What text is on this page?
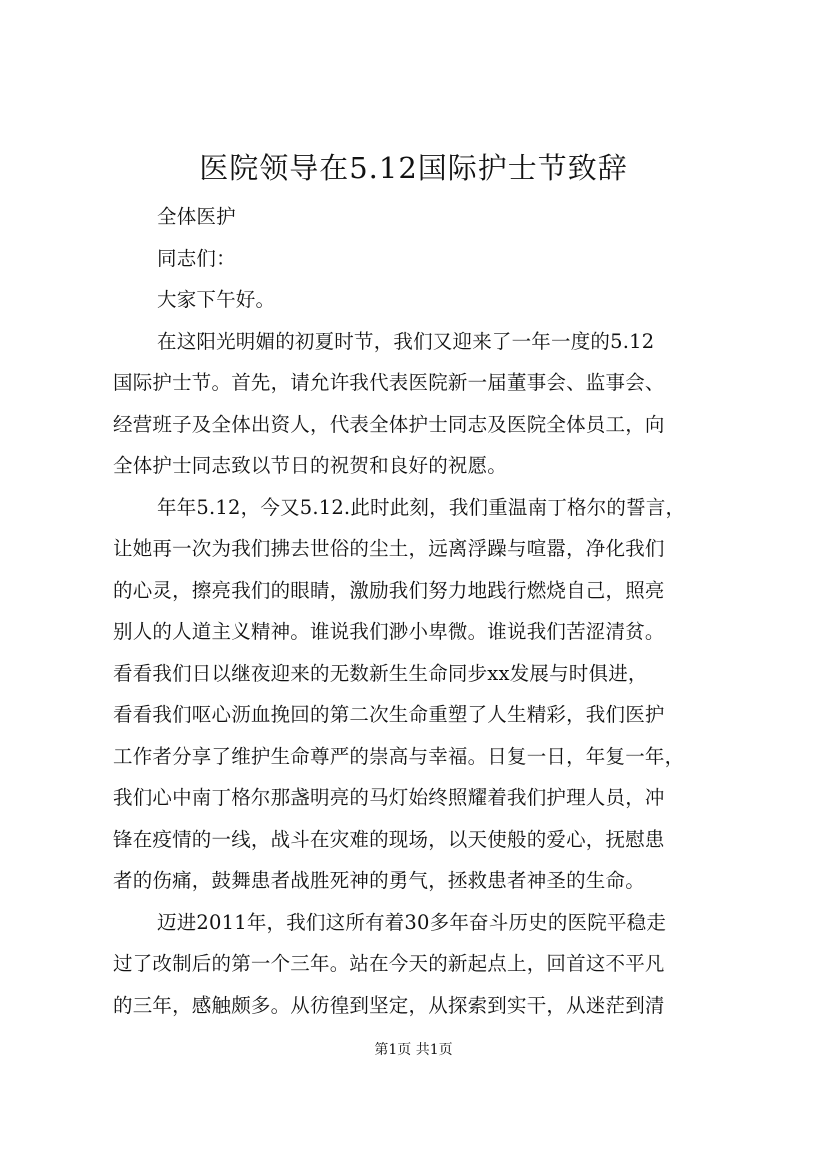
医院领导在5.12国际护士节致辞
全体医护
同志们：
大家下午好。
在这阳光明媚的初夏时节，我们又迎来了一年一度的5.12
国际护士节。首先，请允许我代表医院新一届董事会、监事会、
经营班子及全体出资人，代表全体护士同志及医院全体员工，向
全体护士同志致以节日的祝贺和良好的祝愿。
年年5.12，今又5.12.此时此刻，我们重温南丁格尔的誓言，
让她再一次为我们拂去世俗的尘土，远离浮躁与喧嚣，净化我们
的心灵，擦亮我们的眼睛，激励我们努力地践行燃烧自己，照亮
别人的人道主义精神。谁说我们渺小卑微。谁说我们苦涩清贫。
看看我们日以继夜迎来的无数新生生命同步xx发展与时俱进，
看看我们呕心沥血挽回的第二次生命重塑了人生精彩，我们医护
工作者分享了维护生命尊严的崇高与幸福。日复一日，年复一年，
我们心中南丁格尔那盏明亮的马灯始终照耀着我们护理人员，冲
锋在疫情的一线，战斗在灾难的现场，以天使般的爱心，抚慰患
者的伤痛，鼓舞患者战胜死神的勇气，拯救患者神圣的生命。
迈进2011年，我们这所有着30多年奋斗历史的医院平稳走
过了改制后的第一个三年。站在今天的新起点上，回首这不平凡
的三年，感触颇多。从彷徨到坚定，从探索到实干，从迷茫到清
第1页 共1页
